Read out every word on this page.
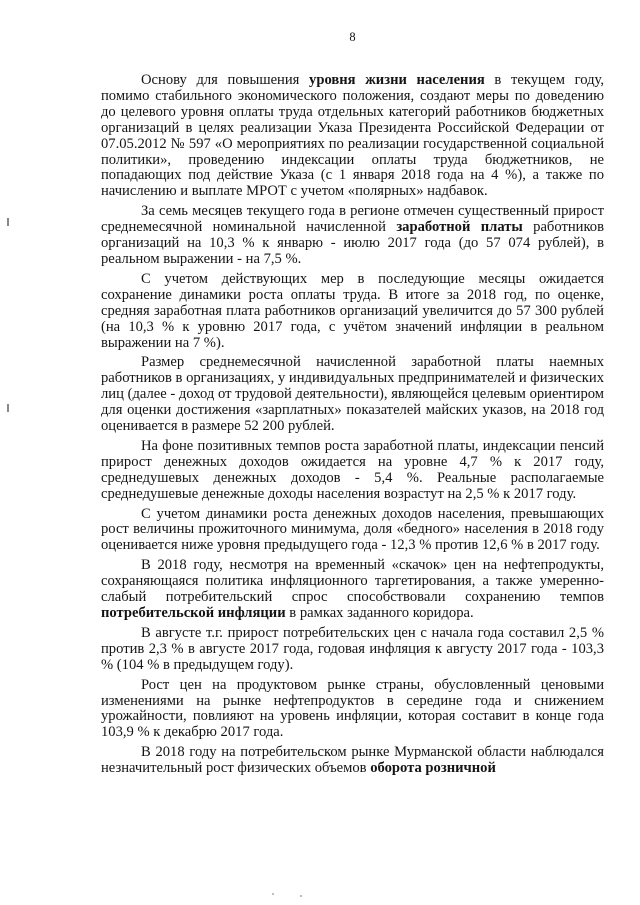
8

Основу для повышения уровня жизни населения в текущем году, помимо стабильного экономического положения, создают меры по доведению до целевого уровня оплаты труда отдельных категорий работников бюджетных организаций в целях реализации Указа Президента Российской Федерации от 07.05.2012 № 597 «О мероприятиях по реализации государственной социальной политики», проведению индексации оплаты труда бюджетников, не попадающих под действие Указа (с 1 января 2018 года на 4 %), а также по начислению и выплате МРОТ с учетом «полярных» надбавок.

За семь месяцев текущего года в регионе отмечен существенный прирост среднемесячной номинальной начисленной заработной платы работников организаций на 10,3 % к январю - июлю 2017 года (до 57 074 рублей), в реальном выражении - на 7,5 %.

С учетом действующих мер в последующие месяцы ожидается сохранение динамики роста оплаты труда. В итоге за 2018 год, по оценке, средняя заработная плата работников организаций увеличится до 57 300 рублей (на 10,3 % к уровню 2017 года, с учётом значений инфляции в реальном выражении на 7 %).

Размер среднемесячной начисленной заработной платы наемных работников в организациях, у индивидуальных предпринимателей и физических лиц (далее - доход от трудовой деятельности), являющейся целевым ориентиром для оценки достижения «зарплатных» показателей майских указов, на 2018 год оценивается в размере 52 200 рублей.

На фоне позитивных темпов роста заработной платы, индексации пенсий прирост денежных доходов ожидается на уровне 4,7 % к 2017 году, среднедушевых денежных доходов - 5,4 %. Реальные располагаемые среднедушевые денежные доходы населения возрастут на 2,5 % к 2017 году.

С учетом динамики роста денежных доходов населения, превышающих рост величины прожиточного минимума, доля «бедного» населения в 2018 году оценивается ниже уровня предыдущего года - 12,3 % против 12,6 % в 2017 году.

В 2018 году, несмотря на временный «скачок» цен на нефтепродукты, сохраняющаяся политика инфляционного таргетирования, а также умеренно-слабый потребительский спрос способствовали сохранению темпов потребительской инфляции в рамках заданного коридора.

В августе т.г. прирост потребительских цен с начала года составил 2,5 % против 2,3 % в августе 2017 года, годовая инфляция к августу 2017 года - 103,3 % (104 % в предыдущем году).

Рост цен на продуктовом рынке страны, обусловленный ценовыми изменениями на рынке нефтепродуктов в середине года и снижением урожайности, повлияют на уровень инфляции, которая составит в конце года 103,9 % к декабрю 2017 года.

В 2018 году на потребительском рынке Мурманской области наблюдался незначительный рост физических объемов оборота розничной
